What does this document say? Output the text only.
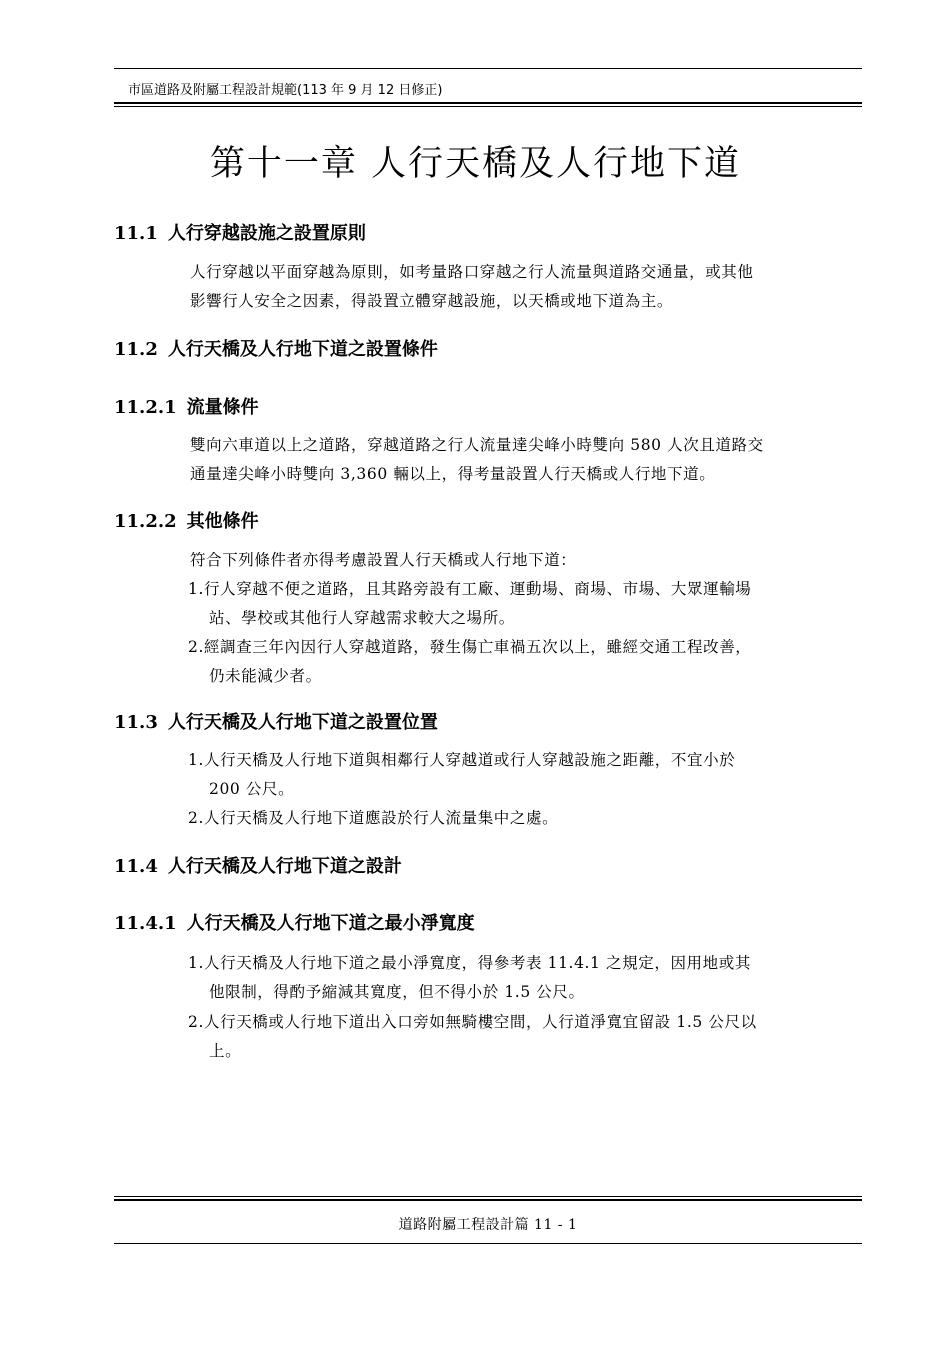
市區道路及附屬工程設計規範(113 年 9 月 12 日修正)
第十一章 人行天橋及人行地下道
11.1 人行穿越設施之設置原則
人行穿越以平面穿越為原則，如考量路口穿越之行人流量與道路交通量，或其他
影響行人安全之因素，得設置立體穿越設施，以天橋或地下道為主。
11.2 人行天橋及人行地下道之設置條件
11.2.1 流量條件
雙向六車道以上之道路，穿越道路之行人流量達尖峰小時雙向 580 人次且道路交
通量達尖峰小時雙向 3,360 輛以上，得考量設置人行天橋或人行地下道。
11.2.2 其他條件
符合下列條件者亦得考慮設置人行天橋或人行地下道：
1.行人穿越不便之道路，且其路旁設有工廠、運動場、商場、市場、大眾運輸場
站、學校或其他行人穿越需求較大之場所。
2.經調查三年內因行人穿越道路，發生傷亡車禍五次以上，雖經交通工程改善，
仍未能減少者。
11.3 人行天橋及人行地下道之設置位置
1.人行天橋及人行地下道與相鄰行人穿越道或行人穿越設施之距離，不宜小於
200 公尺。
2.人行天橋及人行地下道應設於行人流量集中之處。
11.4 人行天橋及人行地下道之設計
11.4.1 人行天橋及人行地下道之最小淨寬度
1.人行天橋及人行地下道之最小淨寬度，得參考表 11.4.1 之規定，因用地或其
他限制，得酌予縮減其寬度，但不得小於 1.5 公尺。
2.人行天橋或人行地下道出入口旁如無騎樓空間，人行道淨寬宜留設 1.5 公尺以
上。
道路附屬工程設計篇 11 - 1
